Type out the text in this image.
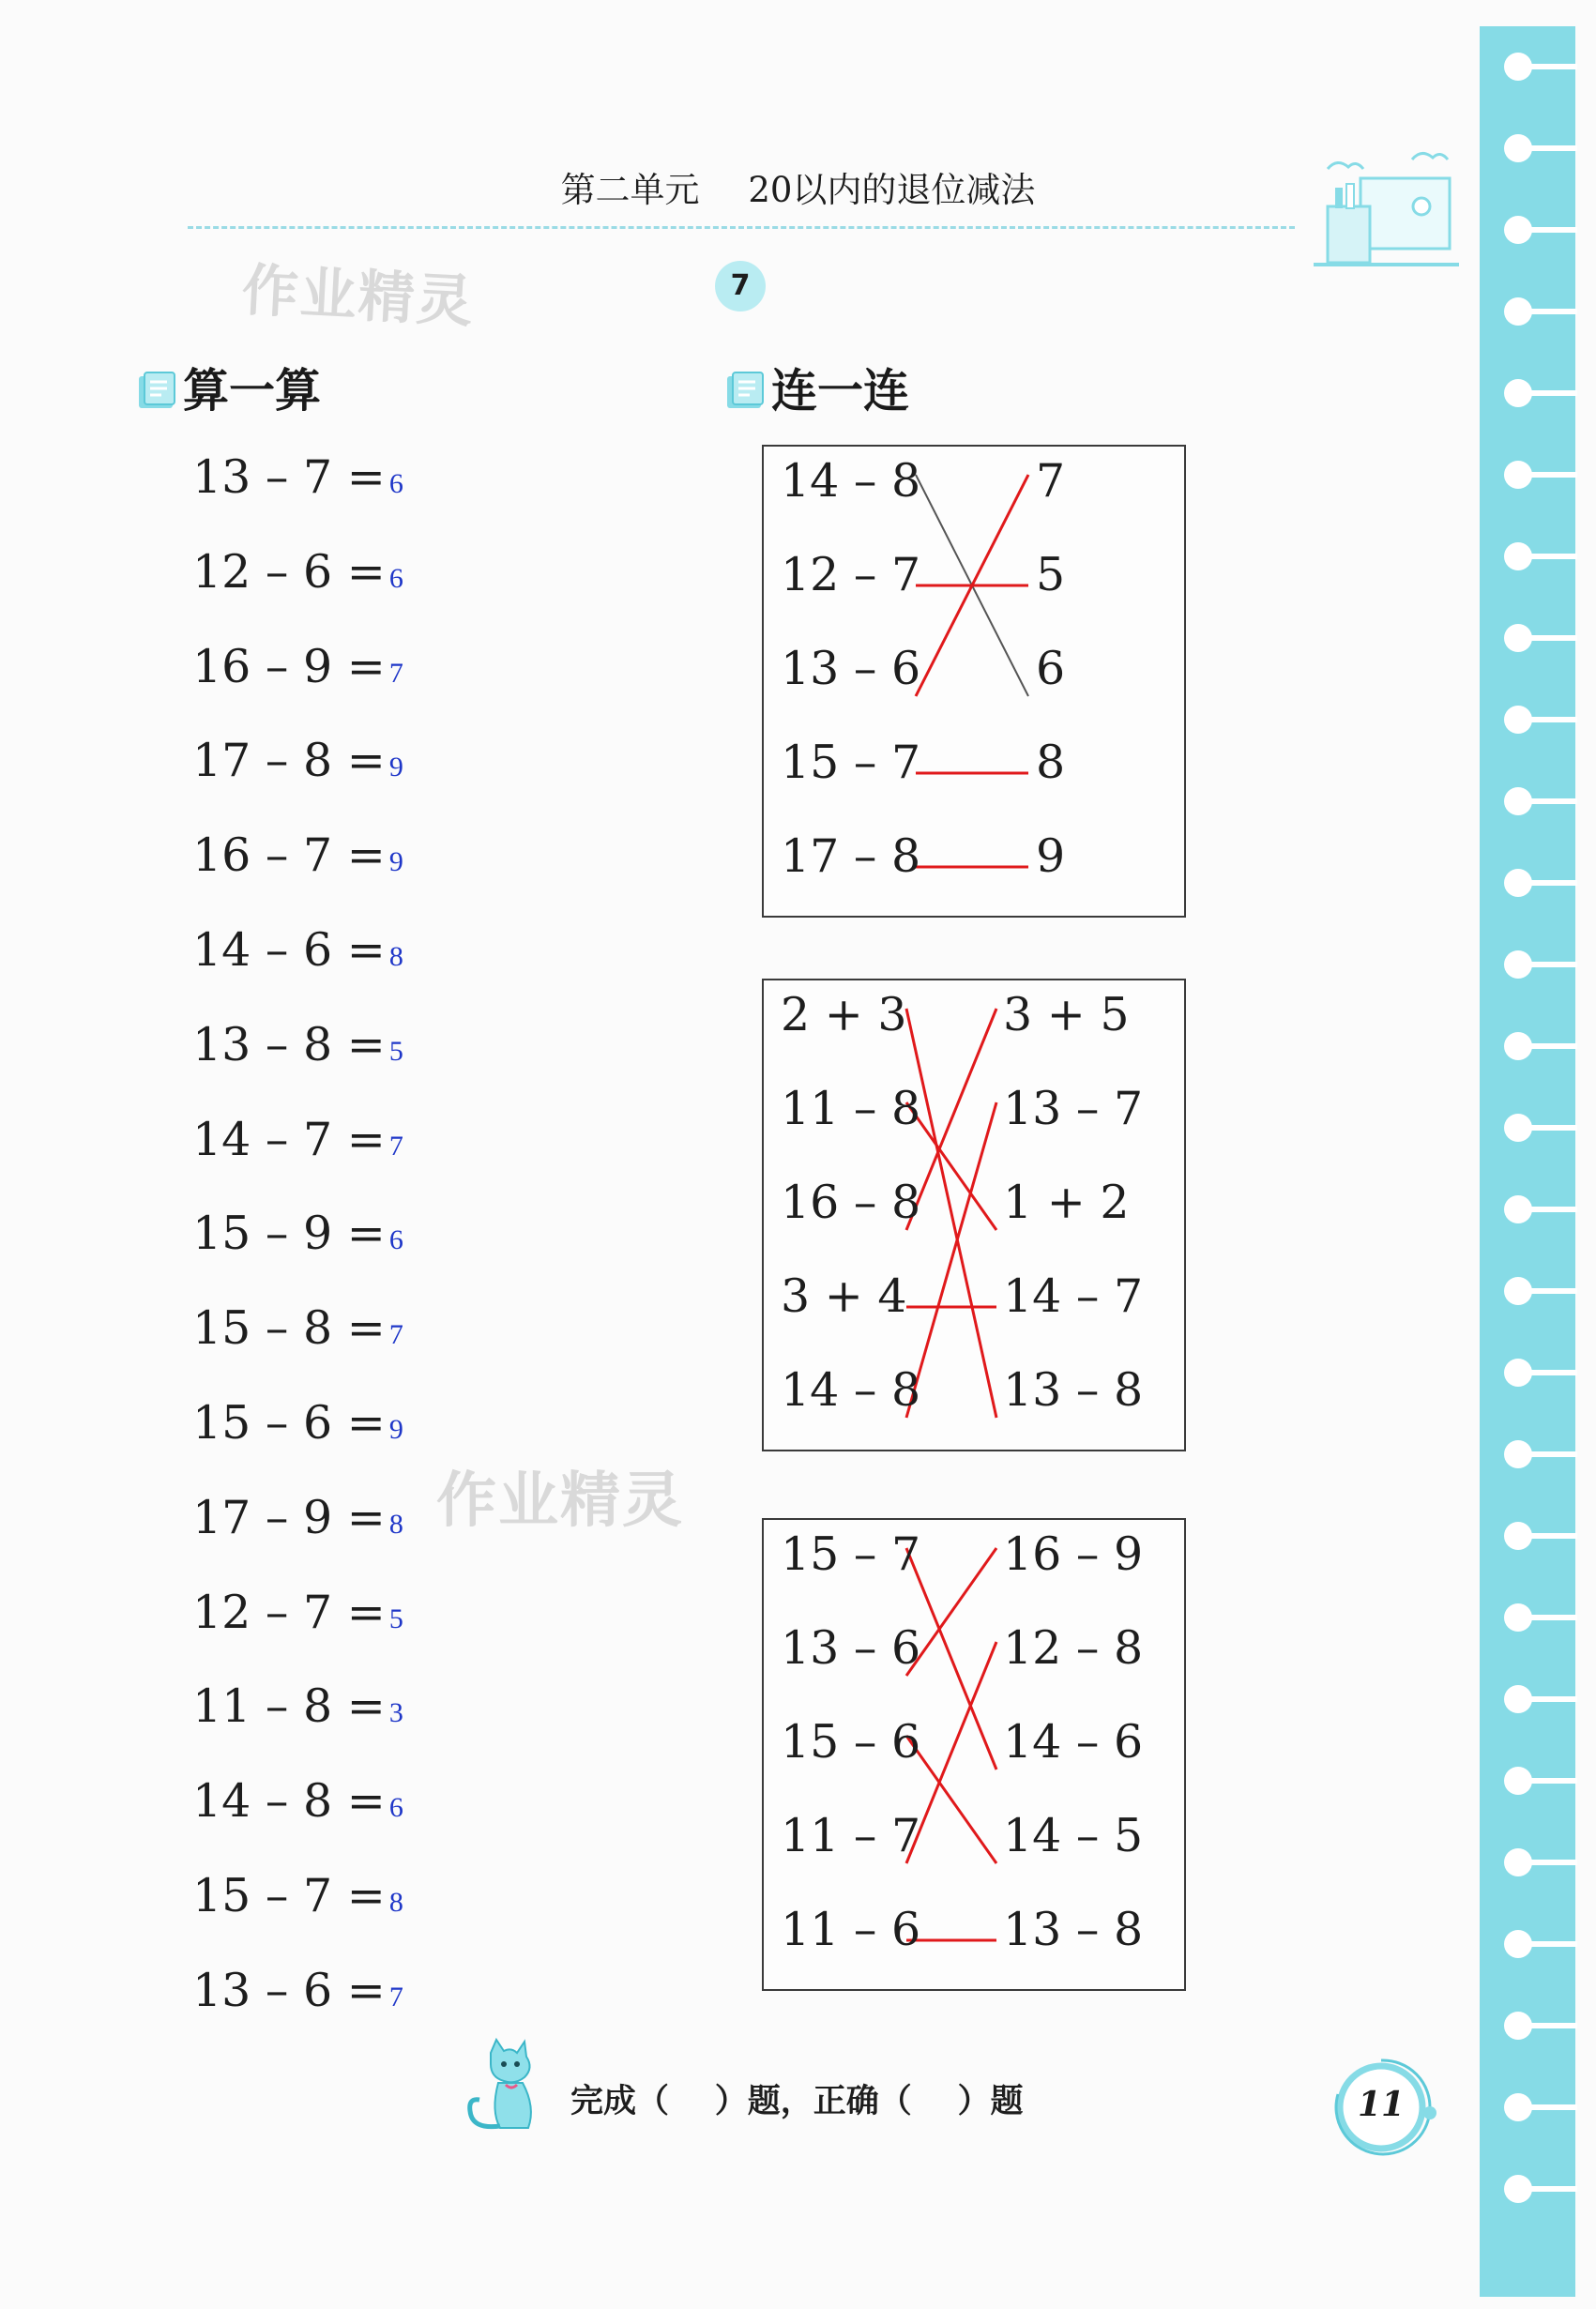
第二单元 20以内的退位减法
作业精灵
作业精灵
7
算一算	连一连
13 – 7 = 6
12 – 6 = 6
16 – 9 = 7
17 – 8 = 9
16 – 7 = 9
14 – 6 = 8
13 – 8 = 5
14 – 7 = 7
15 – 9 = 6
15 – 8 = 7
15 – 6 = 9
17 – 9 = 8
12 – 7 = 5
11 – 8 = 3
14 – 8 = 6
15 – 7 = 8
13 – 6 = 7
14 – 8
12 – 7
13 – 6
15 – 7
17 – 8
7
5
6
8
9
2 + 3
11 – 8
16 – 8
3 + 4
14 – 8
3 + 5
13 – 7
1 + 2
14 – 7
13 – 8
15 – 7
13 – 6
15 – 6
11 – 7
11 – 6
16 – 9
12 – 8
14 – 6
14 – 5
13 – 8
完成（    ）题，正确（    ）题	11
